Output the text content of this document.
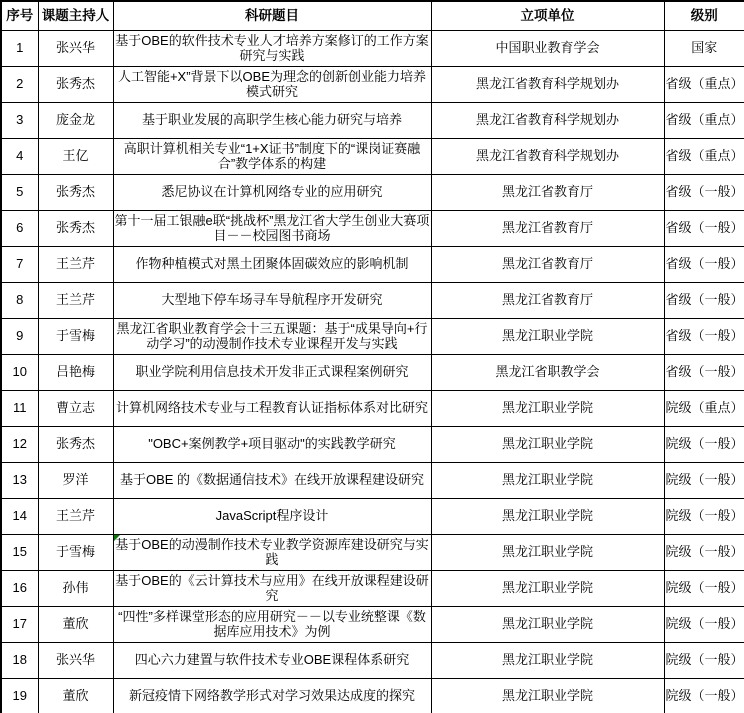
序号	课题主持人	科研题目	立项单位	级别
1	张兴华	基于OBE的软件技术专业人才培养方案修订的工作方案研究与实践	中国职业教育学会	国家
2	张秀杰	人工智能+X”背景下以OBE为理念的创新创业能力培养模式研究	黑龙江省教育科学规划办	省级（重点）
3	庞金龙	基于职业发展的高职学生核心能力研究与培养	黑龙江省教育科学规划办	省级（重点）
4	王亿	高职计算机相关专业“1+X证书”制度下的“课岗证赛融合”教学体系的构建	黑龙江省教育科学规划办	省级（重点）
5	张秀杰	悉尼协议在计算机网络专业的应用研究	黑龙江省教育厅	省级（一般）
6	张秀杰	第十一届工银融e联“挑战杯”黑龙江省大学生创业大赛项目－－校园图书商场	黑龙江省教育厅	省级（一般）
7	王兰芹	作物种植模式对黑土团聚体固碳效应的影响机制	黑龙江省教育厅	省级（一般）
8	王兰芹	大型地下停车场寻车导航程序开发研究	黑龙江省教育厅	省级（一般）
9	于雪梅	黑龙江省职业教育学会十三五课题：基于“成果导向+行动学习”的动漫制作技术专业课程开发与实践	黑龙江职业学院	省级（一般）
10	吕艳梅	职业学院利用信息技术开发非正式课程案例研究	黑龙江省职教学会	省级（一般）
11	曹立志	计算机网络技术专业与工程教育认证指标体系对比研究	黑龙江职业学院	院级（重点）
12	张秀杰	"OBC+案例教学+项目驱动"的实践教学研究	黑龙江职业学院	院级（一般）
13	罗洋	基于OBE 的《数据通信技术》在线开放课程建设研究	黑龙江职业学院	院级（一般）
14	王兰芹	JavaScript程序设计	黑龙江职业学院	院级（一般）
15	于雪梅	基于OBE的动漫制作技术专业教学资源库建设研究与实践	黑龙江职业学院	院级（一般）
16	孙伟	基于OBE的《云计算技术与应用》在线开放课程建设研究	黑龙江职业学院	院级（一般）
17	董欣	“四性”多样课堂形态的应用研究－－以专业统整课《数据库应用技术》为例	黑龙江职业学院	院级（一般）
18	张兴华	四心六力建置与软件技术专业OBE课程体系研究	黑龙江职业学院	院级（一般）
19	董欣	新冠疫情下网络教学形式对学习效果达成度的探究	黑龙江职业学院	院级（一般）
